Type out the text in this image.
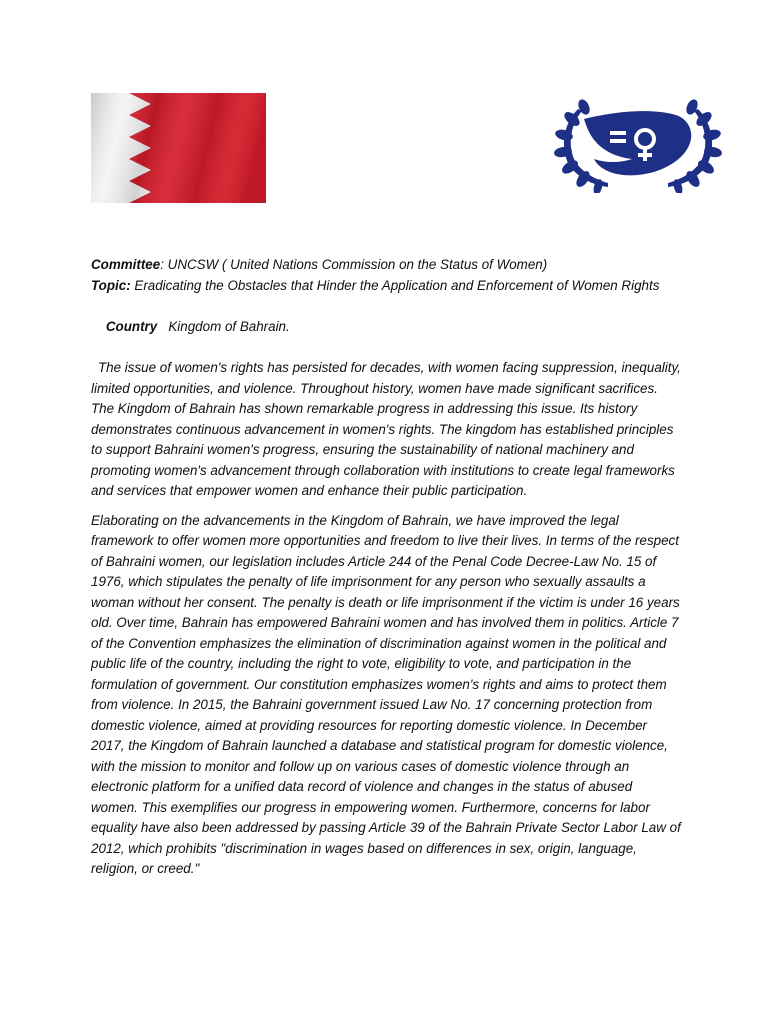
Committee: UNCSW ( United Nations Commission on the Status of Women)
Topic: Eradicating the Obstacles that Hinder the Application and Enforcement of Women Rights

Country   Kingdom of Bahrain.

The issue of women's rights has persisted for decades, with women facing suppression, inequality, limited opportunities, and violence. Throughout history, women have made significant sacrifices. The Kingdom of Bahrain has shown remarkable progress in addressing this issue. Its history demonstrates continuous advancement in women's rights. The kingdom has established principles to support Bahraini women's progress, ensuring the sustainability of national machinery and promoting women's advancement through collaboration with institutions to create legal frameworks and services that empower women and enhance their public participation.

Elaborating on the advancements in the Kingdom of Bahrain, we have improved the legal framework to offer women more opportunities and freedom to live their lives. In terms of the respect of Bahraini women, our legislation includes Article 244 of the Penal Code Decree-Law No. 15 of 1976, which stipulates the penalty of life imprisonment for any person who sexually assaults a woman without her consent. The penalty is death or life imprisonment if the victim is under 16 years old. Over time, Bahrain has empowered Bahraini women and has involved them in politics. Article 7 of the Convention emphasizes the elimination of discrimination against women in the political and public life of the country, including the right to vote, eligibility to vote, and participation in the formulation of government. Our constitution emphasizes women's rights and aims to protect them from violence. In 2015, the Bahraini government issued Law No. 17 concerning protection from domestic violence, aimed at providing resources for reporting domestic violence. In December 2017, the Kingdom of Bahrain launched a database and statistical program for domestic violence, with the mission to monitor and follow up on various cases of domestic violence through an electronic platform for a unified data record of violence and changes in the status of abused women. This exemplifies our progress in empowering women. Furthermore, concerns for labor equality have also been addressed by passing Article 39 of the Bahrain Private Sector Labor Law of 2012, which prohibits "discrimination in wages based on differences in sex, origin, language, religion, or creed."
